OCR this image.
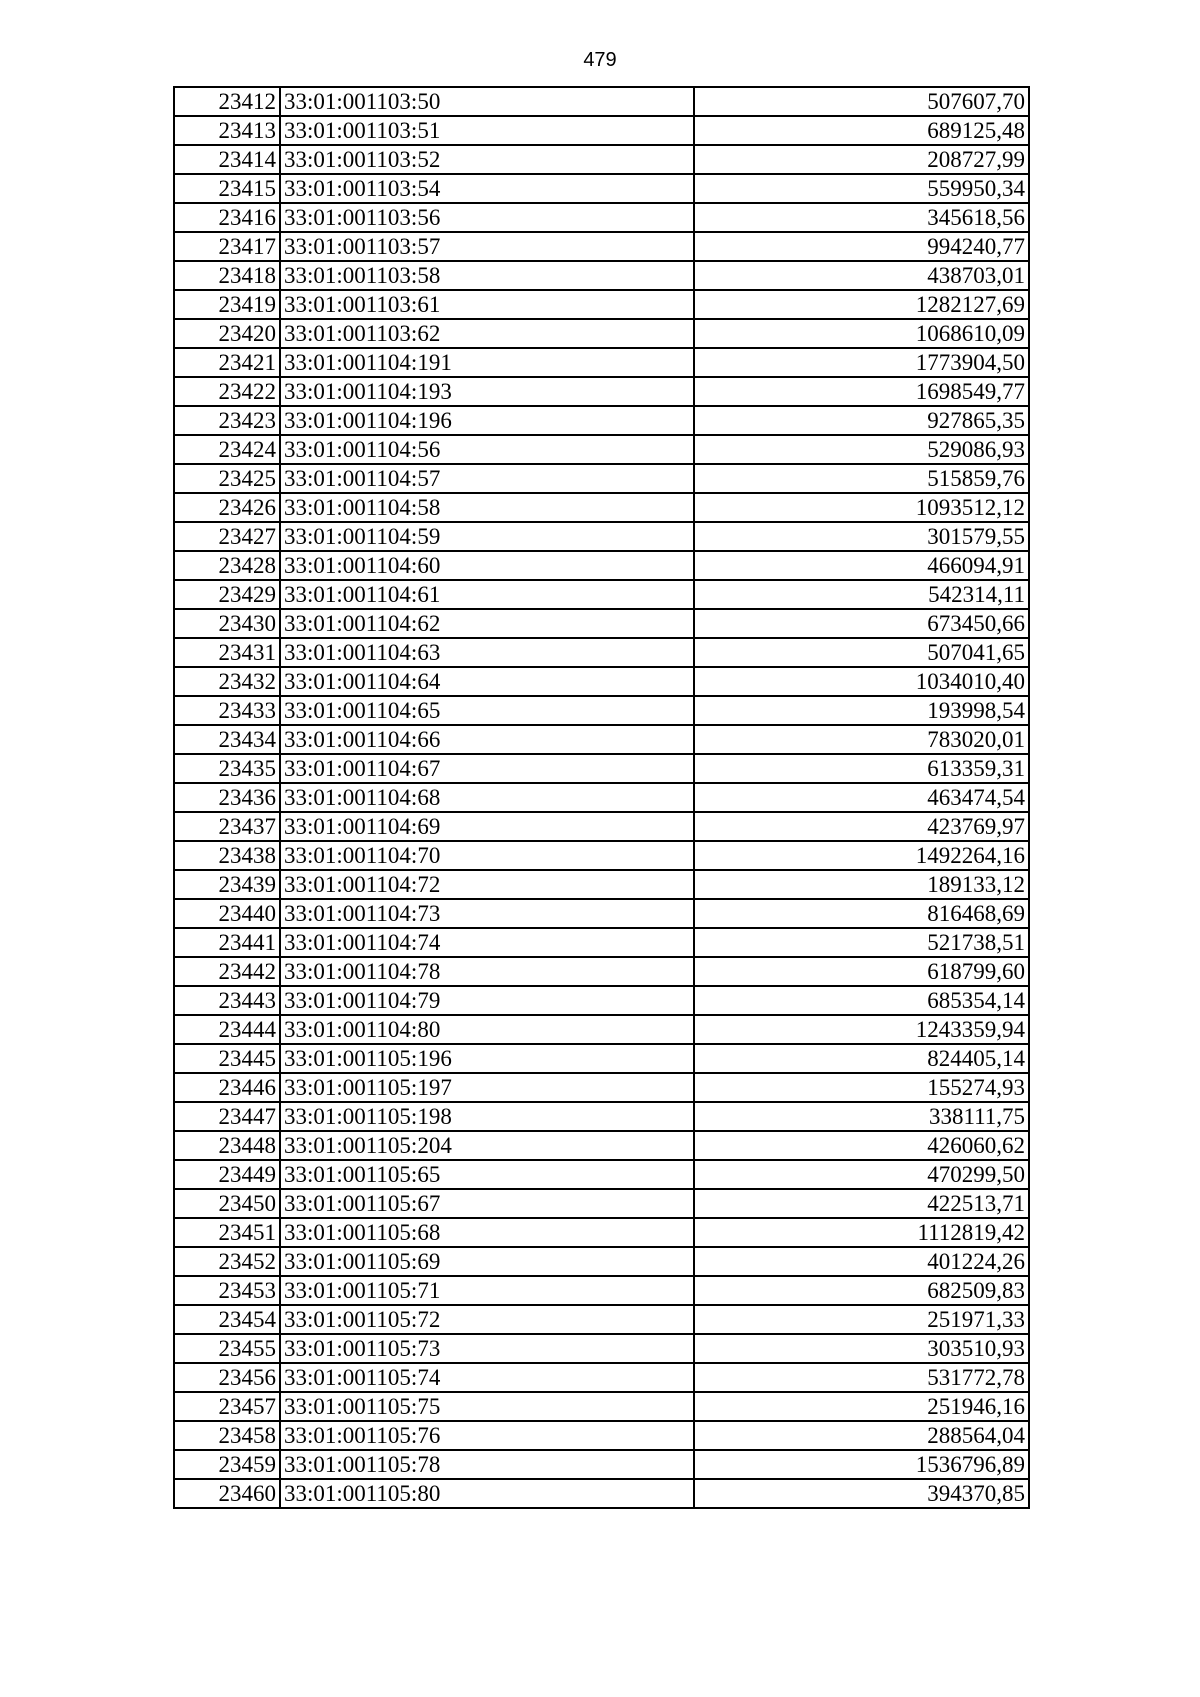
479
23412	33:01:001103:50	507607,70
23413	33:01:001103:51	689125,48
23414	33:01:001103:52	208727,99
23415	33:01:001103:54	559950,34
23416	33:01:001103:56	345618,56
23417	33:01:001103:57	994240,77
23418	33:01:001103:58	438703,01
23419	33:01:001103:61	1282127,69
23420	33:01:001103:62	1068610,09
23421	33:01:001104:191	1773904,50
23422	33:01:001104:193	1698549,77
23423	33:01:001104:196	927865,35
23424	33:01:001104:56	529086,93
23425	33:01:001104:57	515859,76
23426	33:01:001104:58	1093512,12
23427	33:01:001104:59	301579,55
23428	33:01:001104:60	466094,91
23429	33:01:001104:61	542314,11
23430	33:01:001104:62	673450,66
23431	33:01:001104:63	507041,65
23432	33:01:001104:64	1034010,40
23433	33:01:001104:65	193998,54
23434	33:01:001104:66	783020,01
23435	33:01:001104:67	613359,31
23436	33:01:001104:68	463474,54
23437	33:01:001104:69	423769,97
23438	33:01:001104:70	1492264,16
23439	33:01:001104:72	189133,12
23440	33:01:001104:73	816468,69
23441	33:01:001104:74	521738,51
23442	33:01:001104:78	618799,60
23443	33:01:001104:79	685354,14
23444	33:01:001104:80	1243359,94
23445	33:01:001105:196	824405,14
23446	33:01:001105:197	155274,93
23447	33:01:001105:198	338111,75
23448	33:01:001105:204	426060,62
23449	33:01:001105:65	470299,50
23450	33:01:001105:67	422513,71
23451	33:01:001105:68	1112819,42
23452	33:01:001105:69	401224,26
23453	33:01:001105:71	682509,83
23454	33:01:001105:72	251971,33
23455	33:01:001105:73	303510,93
23456	33:01:001105:74	531772,78
23457	33:01:001105:75	251946,16
23458	33:01:001105:76	288564,04
23459	33:01:001105:78	1536796,89
23460	33:01:001105:80	394370,85
